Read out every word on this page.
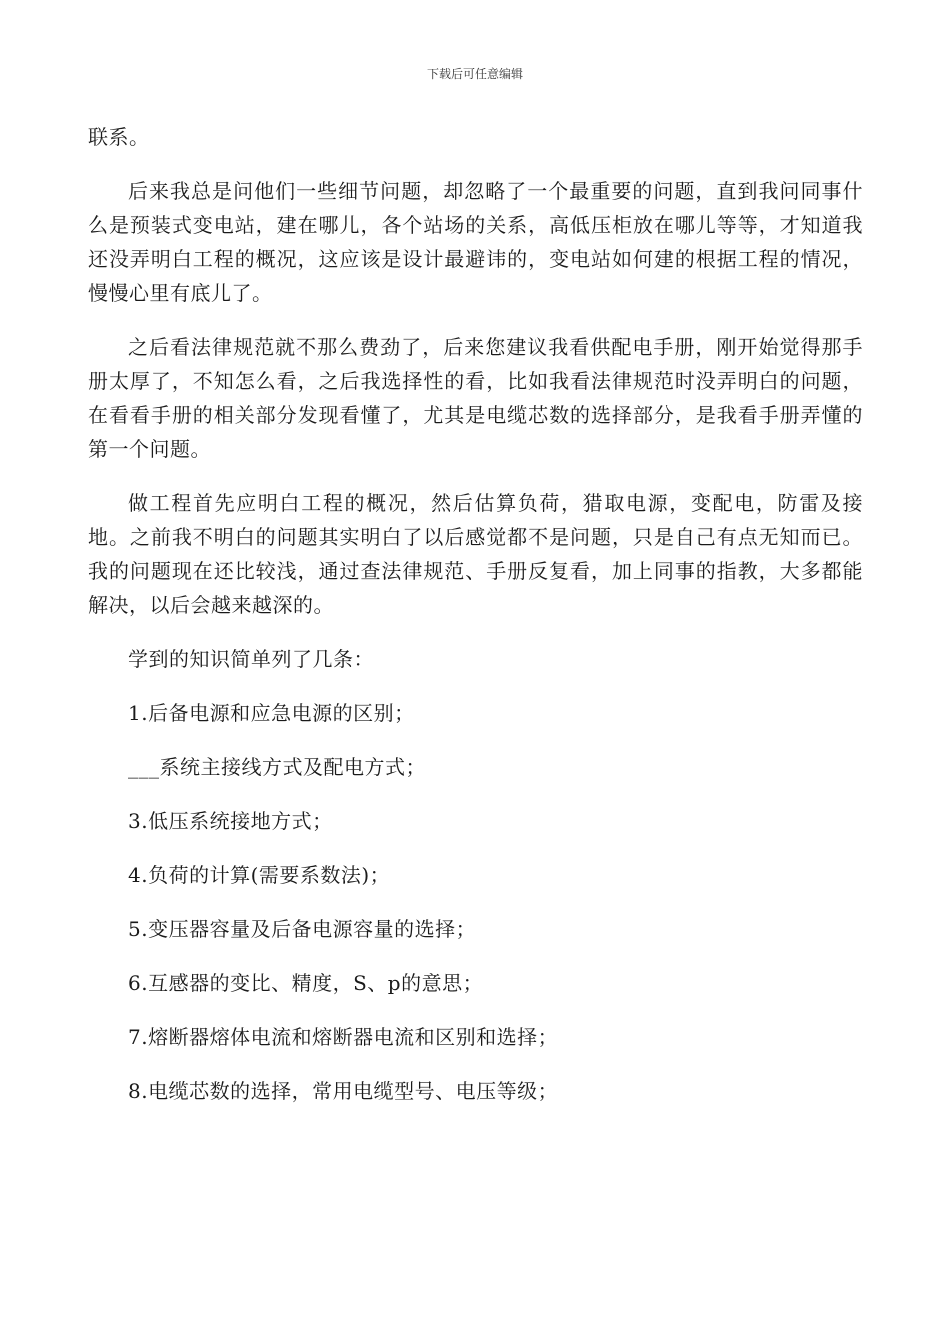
下载后可任意编辑

联系。

后来我总是问他们一些细节问题，却忽略了一个最重要的问题，直到我问同事什么是预装式变电站，建在哪儿，各个站场的关系，高低压柜放在哪儿等等，才知道我还没弄明白工程的概况，这应该是设计最避讳的，变电站如何建的根据工程的情况，慢慢心里有底儿了。

之后看法律规范就不那么费劲了，后来您建议我看供配电手册，刚开始觉得那手册太厚了，不知怎么看，之后我选择性的看，比如我看法律规范时没弄明白的问题，在看看手册的相关部分发现看懂了，尤其是电缆芯数的选择部分，是我看手册弄懂的第一个问题。

做工程首先应明白工程的概况，然后估算负荷，猎取电源，变配电，防雷及接地。之前我不明白的问题其实明白了以后感觉都不是问题，只是自己有点无知而已。我的问题现在还比较浅，通过查法律规范、手册反复看，加上同事的指教，大多都能解决，以后会越来越深的。

学到的知识简单列了几条：

1.后备电源和应急电源的区别；

___系统主接线方式及配电方式；

3.低压系统接地方式；

4.负荷的计算(需要系数法)；

5.变压器容量及后备电源容量的选择；

6.互感器的变比、精度，S、p的意思；

7.熔断器熔体电流和熔断器电流和区别和选择；

8.电缆芯数的选择，常用电缆型号、电压等级；
